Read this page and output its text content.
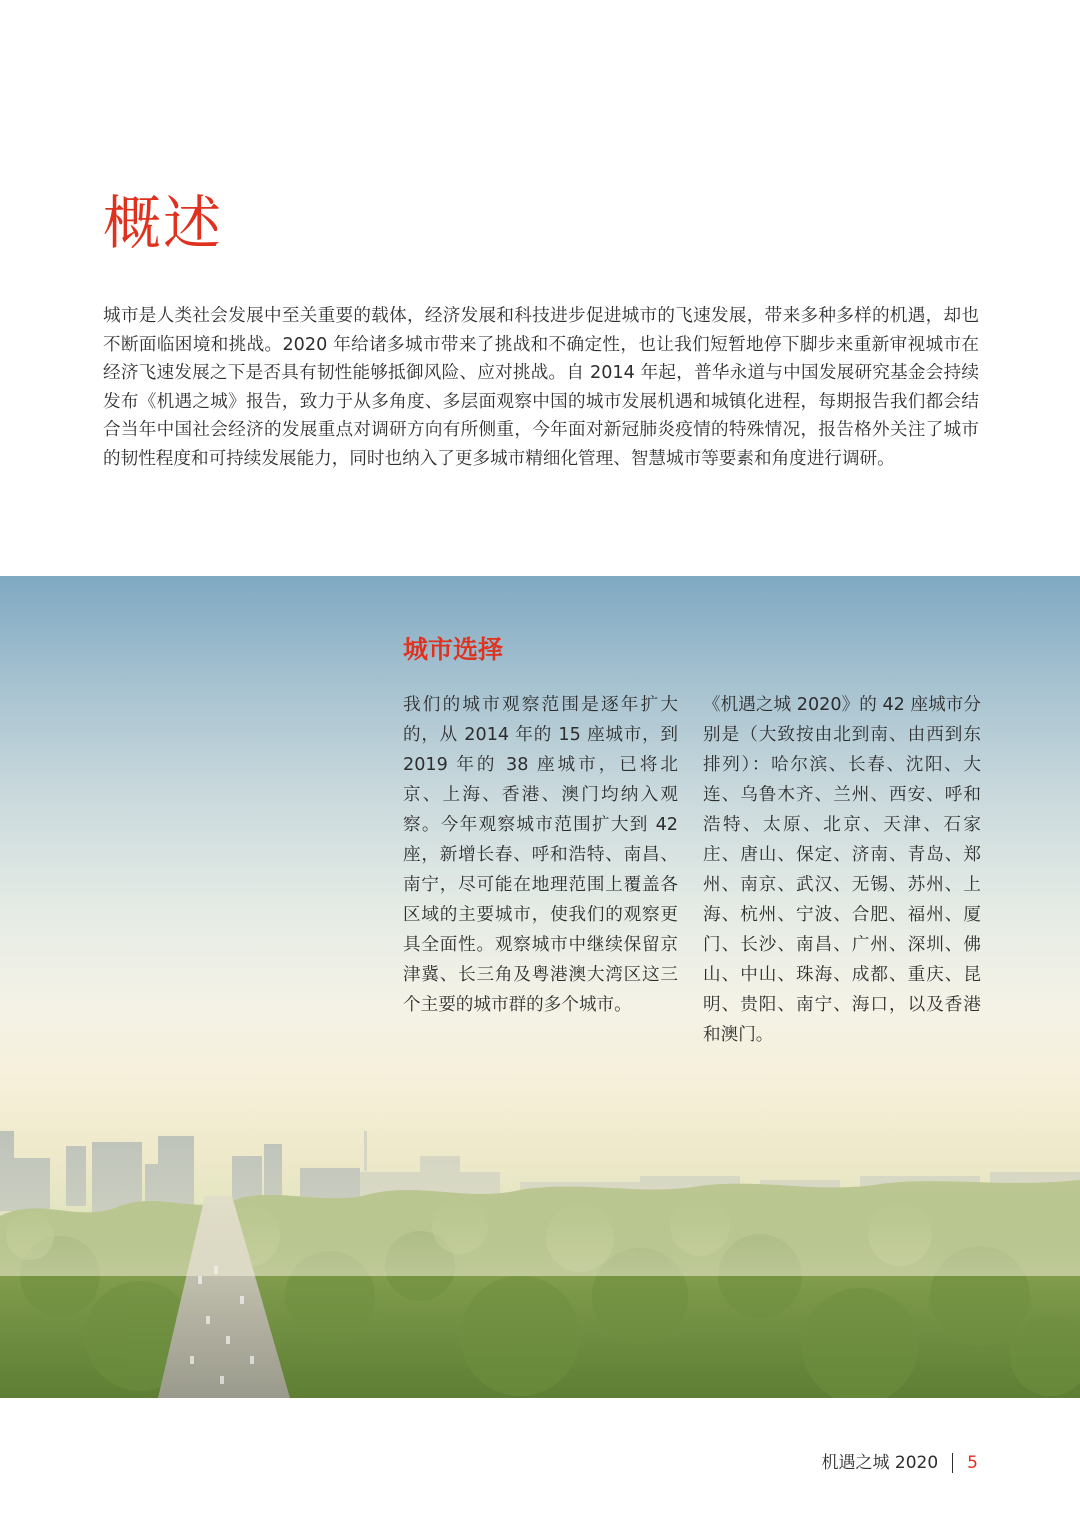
概述

城市是人类社会发展中至关重要的载体，经济发展和科技进步促进城市的飞速发展，带来多种多样的机遇，却也不断面临困境和挑战。2020 年给诸多城市带来了挑战和不确定性，也让我们短暂地停下脚步来重新审视城市在经济飞速发展之下是否具有韧性能够抵御风险、应对挑战。自 2014 年起，普华永道与中国发展研究基金会持续发布《机遇之城》报告，致力于从多角度、多层面观察中国的城市发展机遇和城镇化进程，每期报告我们都会结合当年中国社会经济的发展重点对调研方向有所侧重，今年面对新冠肺炎疫情的特殊情况，报告格外关注了城市的韧性程度和可持续发展能力，同时也纳入了更多城市精细化管理、智慧城市等要素和角度进行调研。

城市选择

我们的城市观察范围是逐年扩大的，从 2014 年的 15 座城市，到 2019 年的 38 座城市，已将北京、上海、香港、澳门均纳入观察。今年观察城市范围扩大到 42 座，新增长春、呼和浩特、南昌、南宁，尽可能在地理范围上覆盖各区域的主要城市，使我们的观察更具全面性。观察城市中继续保留京津冀、长三角及粤港澳大湾区这三个主要的城市群的多个城市。

《机遇之城 2020》的 42 座城市分别是（大致按由北到南、由西到东排列）：哈尔滨、长春、沈阳、大连、乌鲁木齐、兰州、西安、呼和浩特、太原、北京、天津、石家庄、唐山、保定、济南、青岛、郑州、南京、武汉、无锡、苏州、上海、杭州、宁波、合肥、福州、厦门、长沙、南昌、广州、深圳、佛山、中山、珠海、成都、重庆、昆明、贵阳、南宁、海口，以及香港和澳门。

机遇之城 2020 5
